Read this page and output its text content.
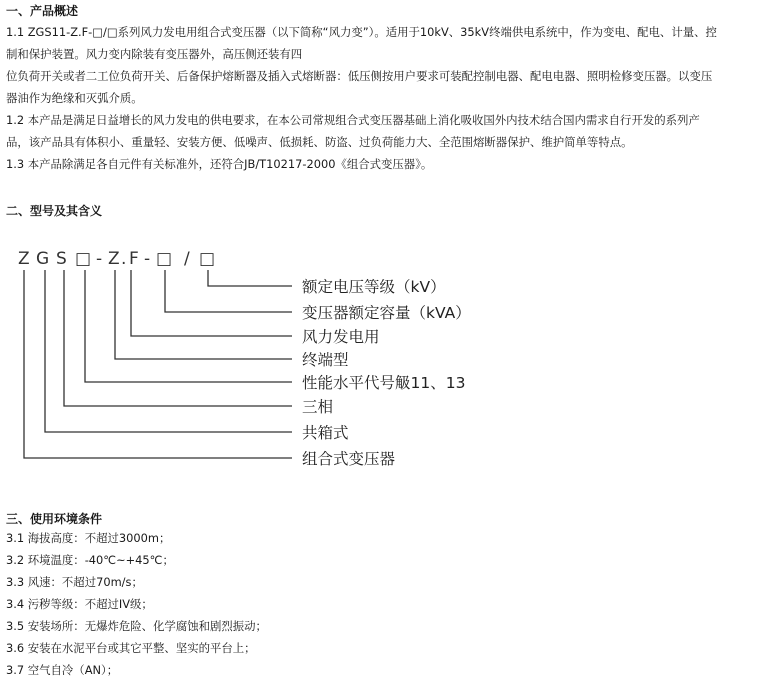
一、产品概述
1.1 ZGS11-Z.F-□/□系列风力发电用组合式变压器（以下简称“风力变”）。适用于10kV、35kV终端供电系统中，作为变电、配电、计量、控
制和保护装置。风力变内除装有变压器外，高压侧还装有四
位负荷开关或者二工位负荷开关、后备保护熔断器及插入式熔断器：低压侧按用户要求可装配控制电器、配电电器、照明检修变压器。以变压
器油作为绝缘和灭弧介质。
1.2 本产品是满足日益增长的风力发电的供电要求，在本公司常规组合式变压器基础上消化吸收国外内技术结合国内需求自行开发的系列产
品，该产品具有体积小、重量轻、安装方便、低噪声、低损耗、防盗、过负荷能力大、全范围熔断器保护、维护简单等特点。
1.3 本产品除满足各自元件有关标准外，还符合JB/T10217-2000《组合式变压器》。
二、型号及其含义
Z G S □ - Z . F - □ / □
额定电压等级（kV）
变压器额定容量（kVA）
风力发电用
终端型
性能水平代号觙11、13
三相
共箱式
组合式变压器
三、使用环境条件
3.1 海拔高度：不超过3000m；
3.2 环境温度：-40℃~+45℃；
3.3 风速：不超过70m/s；
3.4 污秽等级：不超过IV级；
3.5 安装场所：无爆炸危险、化学腐蚀和剧烈振动；
3.6 安装在水泥平台或其它平整、坚实的平台上；
3.7 空气自冷（AN）；
